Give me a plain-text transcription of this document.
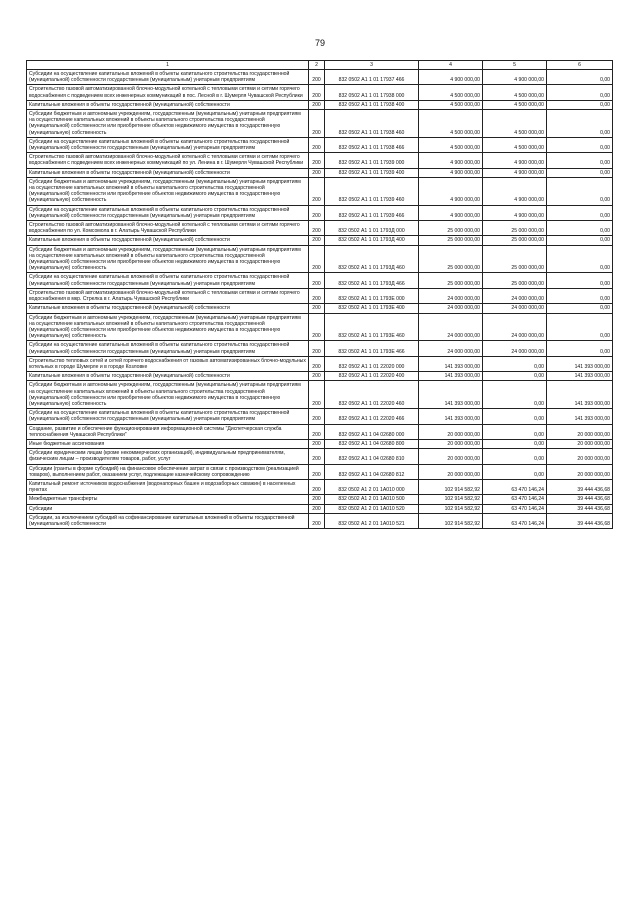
79
1	2	3	4	5	6
Субсидии на осуществление капитальных вложений в объекты капитального строительства государственной (муниципальной) собственности государственным (муниципальным) унитарным предприятиям	200	832 0502 А1 1 01 17937 466	4 900 000,00	4 900 000,00	0,00
Строительство газовой автоматизированной блочно-модульной котельной с тепловыми сетями и сетями горячего водоснабжения с подведением всех инженерных коммуникаций в пос. Лесной в г. Шумерля Чувашской Республики	200	832 0502 А1 1 01 17938 000	4 500 000,00	4 500 000,00	0,00
Капитальные вложения в объекты государственной (муниципальной) собственности	200	832 0502 А1 1 01 17938 400	4 500 000,00	4 500 000,00	0,00
Субсидии бюджетным и автономным учреждениям, государственным (муниципальным) унитарным предприятиям на осуществление капитальных вложений в объекты капитального строительства государственной (муниципальной) собственности или приобретение объектов недвижимого имущества в государственную (муниципальную) собственность	200	832 0502 А1 1 01 17938 460	4 500 000,00	4 500 000,00	0,00
Субсидии на осуществление капитальных вложений в объекты капитального строительства государственной (муниципальной) собственности государственным (муниципальным) унитарным предприятиям	200	832 0502 А1 1 01 17938 466	4 500 000,00	4 500 000,00	0,00
Строительство газовой автоматизированной блочно-модульной котельной с тепловыми сетями и сетями горячего водоснабжения с подведением всех инженерных коммуникаций по ул. Ленина в г. Шумерля Чувашской Республики	200	832 0502 А1 1 01 17939 000	4 900 000,00	4 900 000,00	0,00
Капитальные вложения в объекты государственной (муниципальной) собственности	200	832 0502 А1 1 01 17939 400	4 900 000,00	4 900 000,00	0,00
Субсидии бюджетным и автономным учреждениям, государственным (муниципальным) унитарным предприятиям на осуществление капитальных вложений в объекты капитального строительства государственной (муниципальной) собственности или приобретение объектов недвижимого имущества в государственную (муниципальную) собственность	200	832 0502 А1 1 01 17939 460	4 900 000,00	4 900 000,00	0,00
Субсидии на осуществление капитальных вложений в объекты капитального строительства государственной (муниципальной) собственности государственным (муниципальным) унитарным предприятиям	200	832 0502 А1 1 01 17939 466	4 900 000,00	4 900 000,00	0,00
Строительство газовой автоматизированной блочно-модульной котельной с тепловыми сетями и сетями горячего водоснабжения по ул. Комсомола в г. Алатырь Чувашской Республики	200	832 0502 А1 1 01 1793Д 000	25 000 000,00	25 000 000,00	0,00
Капитальные вложения в объекты государственной (муниципальной) собственности	200	832 0502 А1 1 01 1793Д 400	25 000 000,00	25 000 000,00	0,00
Субсидии бюджетным и автономным учреждениям, государственным (муниципальным) унитарным предприятиям на осуществление капитальных вложений в объекты капитального строительства государственной (муниципальной) собственности или приобретение объектов недвижимого имущества в государственную (муниципальную) собственность	200	832 0502 А1 1 01 1793Д 460	25 000 000,00	25 000 000,00	0,00
Субсидии на осуществление капитальных вложений в объекты капитального строительства государственной (муниципальной) собственности государственным (муниципальным) унитарным предприятиям	200	832 0502 А1 1 01 1793Д 466	25 000 000,00	25 000 000,00	0,00
Строительство газовой автоматизированной блочно-модульной котельной с тепловыми сетями и сетями горячего водоснабжения в мкр. Стрелка в г. Алатырь Чувашской Республики	200	832 0502 А1 1 01 1793Е 000	24 000 000,00	24 000 000,00	0,00
Капитальные вложения в объекты государственной (муниципальной) собственности	200	832 0502 А1 1 01 1793Е 400	24 000 000,00	24 000 000,00	0,00
Субсидии бюджетным и автономным учреждениям, государственным (муниципальным) унитарным предприятиям на осуществление капитальных вложений в объекты капитального строительства государственной (муниципальной) собственности или приобретение объектов недвижимого имущества в государственную (муниципальную) собственность	200	832 0502 А1 1 01 1793Е 460	24 000 000,00	24 000 000,00	0,00
Субсидии на осуществление капитальных вложений в объекты капитального строительства государственной (муниципальной) собственности государственным (муниципальным) унитарным предприятиям	200	832 0502 А1 1 01 1793Е 466	24 000 000,00	24 000 000,00	0,00
Строительство тепловых сетей и сетей горячего водоснабжения от газовых автоматизированных блочно-модульных котельных в городе Шумерле и в городе Козловке	200	832 0502 А1 1 01 22020 000	141 393 000,00	0,00	141 393 000,00
Капитальные вложения в объекты государственной (муниципальной) собственности	200	832 0502 А1 1 01 22020 400	141 393 000,00	0,00	141 393 000,00
Субсидии бюджетным и автономным учреждениям, государственным (муниципальным) унитарным предприятиям на осуществление капитальных вложений в объекты капитального строительства государственной (муниципальной) собственности или приобретение объектов недвижимого имущества в государственную (муниципальную) собственность	200	832 0502 А1 1 01 22020 460	141 393 000,00	0,00	141 393 000,00
Субсидии на осуществление капитальных вложений в объекты капитального строительства государственной (муниципальной) собственности государственным (муниципальным) унитарным предприятиям	200	832 0502 А1 1 01 22020 466	141 393 000,00	0,00	141 393 000,00
Создание, развитие и обеспечение функционирования информационной системы "Диспетчерская служба теплоснабжения Чувашской Республики"	200	832 0502 А1 1 04 02680 000	20 000 000,00	0,00	20 000 000,00
Иные бюджетные ассигнования	200	832 0502 А1 1 04 02680 800	20 000 000,00	0,00	20 000 000,00
Субсидии юридическим лицам (кроме некоммерческих организаций), индивидуальным предпринимателям, физическим лицам – производителям товаров, работ, услуг	200	832 0502 А1 1 04 02680 810	20 000 000,00	0,00	20 000 000,00
Субсидии (гранты в форме субсидий) на финансовое обеспечение затрат в связи с производством (реализацией товаров), выполнением работ, оказанием услуг, подлежащие казначейскому сопровождению	200	832 0502 А1 1 04 02680 812	20 000 000,00	0,00	20 000 000,00
Капитальный ремонт источников водоснабжения (водонапорных башен и водозаборных скважин) в населенных пунктах	200	832 0502 А1 2 01 1А010 000	102 914 582,92	63 470 146,24	39 444 436,68
Межбюджетные трансферты	200	832 0502 А1 2 01 1А010 500	102 914 582,92	63 470 146,24	39 444 436,68
Субсидии	200	832 0502 А1 2 01 1А010 520	102 914 582,92	63 470 146,24	39 444 436,68
Субсидии, за исключением субсидий на софинансирование капитальных вложений в объекты государственной (муниципальной) собственности	200	832 0502 А1 2 01 1А010 521	102 914 582,92	63 470 146,24	39 444 436,68
